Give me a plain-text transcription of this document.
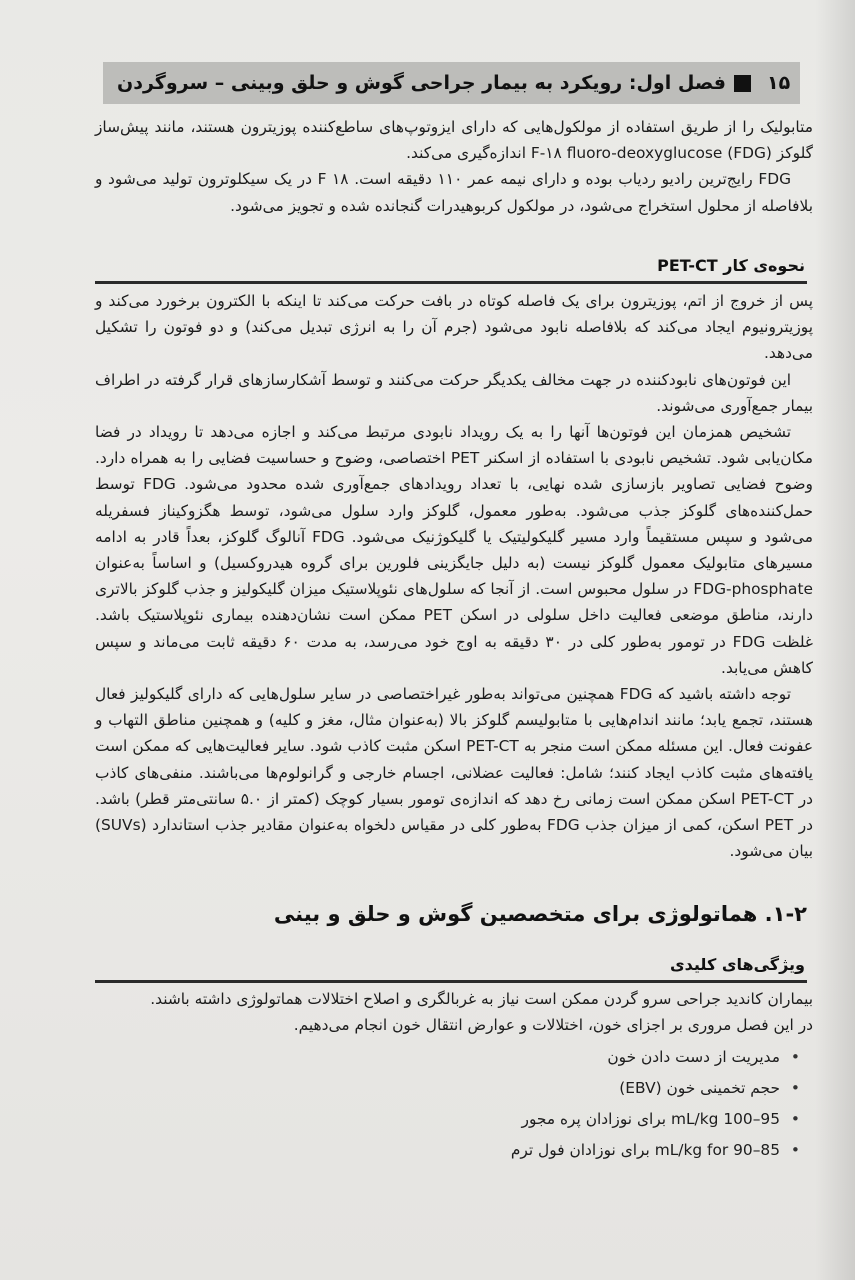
فصل اول: رویکرد به بیمار جراحی گوش و حلق وبینی – سروگردن ۱۵

متابولیک را از طریق استفاده از مولکول‌هایی که دارای ایزوتوپ‌های ساطع‌کننده پوزیترون هستند، مانند پیش‌ساز گلوکز F-۱۸ fluoro-deoxyglucose (FDG) اندازه‌گیری می‌کند.

FDG رایج‌ترین رادیو ردیاب بوده و دارای نیمه عمر ۱۱۰ دقیقه است. F ۱۸ در یک سیکلوترون تولید می‌شود و بلافاصله از محلول استخراج می‌شود، در مولکول کربوهیدرات گنجانده شده و تجویز می‌شود.

نحوه‌ی کار PET-CT

پس از خروج از اتم، پوزیترون برای یک فاصله کوتاه در بافت حرکت می‌کند تا اینکه با الکترون برخورد می‌کند و پوزیترونیوم ایجاد می‌کند که بلافاصله نابود می‌شود (جرم آن را به انرژی تبدیل می‌کند) و دو فوتون را تشکیل می‌دهد.

این فوتون‌های نابودکننده در جهت مخالف یکدیگر حرکت می‌کنند و توسط آشکارسازهای قرار گرفته در اطراف بیمار جمع‌آوری می‌شوند.

تشخیص همزمان این فوتون‌ها آنها را به یک رویداد نابودی مرتبط می‌کند و اجازه می‌دهد تا رویداد در فضا مکان‌یابی شود. تشخیص نابودی با استفاده از اسکنر PET اختصاصی، وضوح و حساسیت فضایی را به همراه دارد. وضوح فضایی تصاویر بازسازی شده نهایی، با تعداد رویدادهای جمع‌آوری شده محدود می‌شود. FDG توسط حمل‌کننده‌های گلوکز جذب می‌شود. به‌طور معمول، گلوکز وارد سلول می‌شود، توسط هگزوکیناز فسفریله می‌شود و سپس مستقیماً وارد مسیر گلیکولیتیک یا گلیکوژنیک می‌شود. FDG آنالوگ گلوکز، بعداً قادر به ادامه مسیرهای متابولیک معمول گلوکز نیست (به دلیل جایگزینی فلورین برای گروه هیدروکسیل) و اساساً به‌عنوان FDG-phosphate در سلول محبوس است. از آنجا که سلول‌های نئوپلاستیک میزان گلیکولیز و جذب گلوکز بالاتری دارند، مناطق موضعی فعالیت داخل سلولی در اسکن PET ممکن است نشان‌دهنده بیماری نئوپلاستیک باشد. غلظت FDG در تومور به‌طور کلی در ۳۰ دقیقه به اوج خود می‌رسد، به مدت ۶۰ دقیقه ثابت می‌ماند و سپس کاهش می‌یابد.

توجه داشته باشید که FDG همچنین می‌تواند به‌طور غیراختصاصی در سایر سلول‌هایی که دارای گلیکولیز فعال هستند، تجمع یابد؛ مانند اندام‌هایی با متابولیسم گلوکز بالا (به‌عنوان مثال، مغز و کلیه) و همچنین مناطق التهاب و عفونت فعال. این مسئله ممکن است منجر به PET-CT اسکن مثبت کاذب شود. سایر فعالیت‌هایی که ممکن است یافته‌های مثبت کاذب ایجاد کنند؛ شامل: فعالیت عضلانی، اجسام خارجی و گرانولوم‌ها می‌باشند. منفی‌های کاذب در PET-CT اسکن ممکن است زمانی رخ دهد که اندازه‌ی تومور بسیار کوچک (کمتر از ۵.۰ سانتی‌متر قطر) باشد. در PET اسکن، کمی از میزان جذب FDG به‌طور کلی در مقیاس دلخواه به‌عنوان مقادیر جذب استاندارد (SUVs) بیان می‌شود.

۱-۲. هماتولوژی برای متخصصین گوش و حلق و بینی
ویژگی‌های کلیدی

بیماران کاندید جراحی سرو گردن ممکن است نیاز به غربالگری و اصلاح اختلالات هماتولوژی داشته باشند.

در این فصل مروری بر اجزای خون، اختلالات و عوارض انتقال خون انجام می‌دهیم.

• مدیریت از دست دادن خون
• حجم تخمینی خون (EBV)
• 95–100 mL/kg برای نوزادان پره مجور
• 85–90 mL/kg for برای نوزادان فول ترم
